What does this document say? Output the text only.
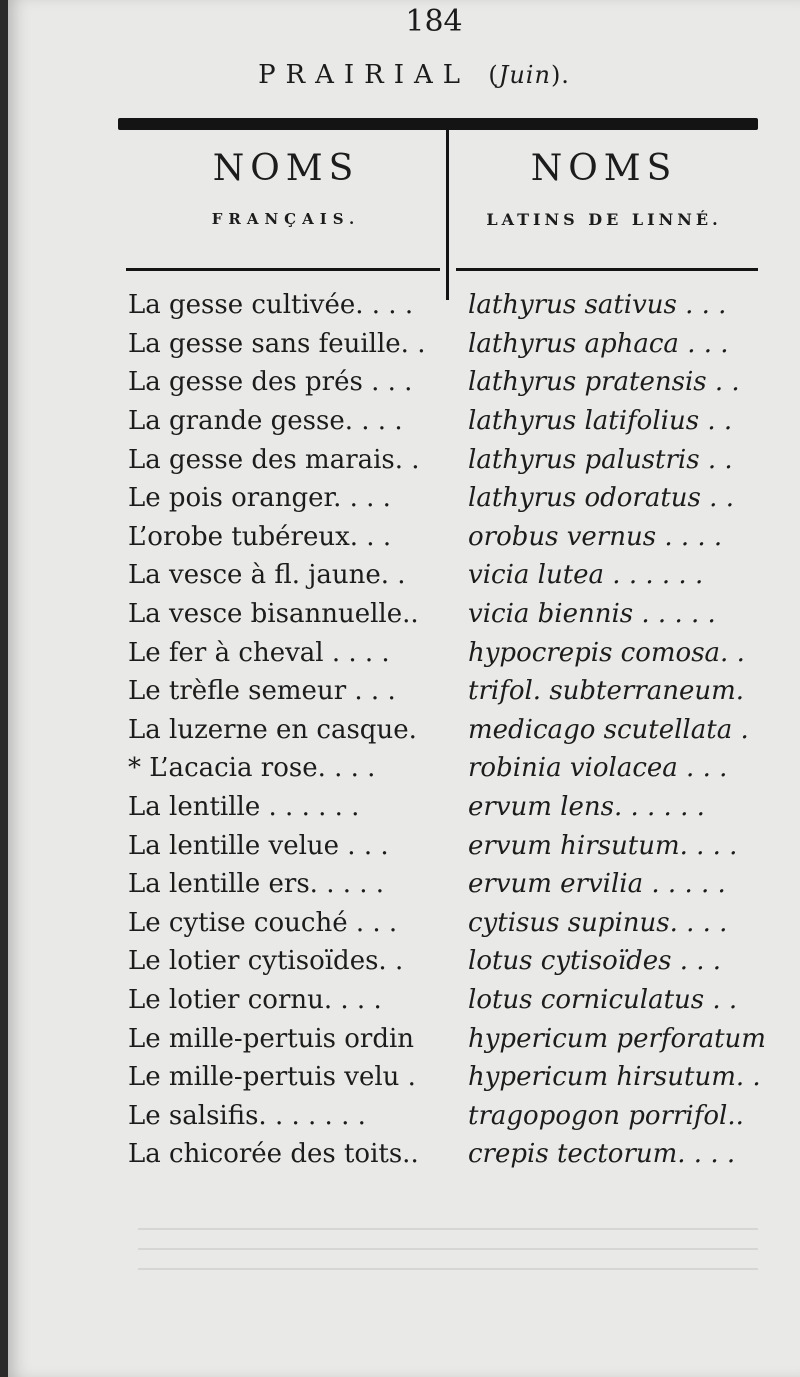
184
PRAIRIAL (Juin).
NOMS
FRANÇAIS.
NOMS
LATINS DE LINNÉ.
La gesse cultivée. . . .	lathyrus sativus . . .
La gesse sans feuille. .	lathyrus aphaca . . .
La gesse des prés . . .	lathyrus pratensis . .
La grande gesse. . . .	lathyrus latifolius . .
La gesse des marais. .	lathyrus palustris . .
Le pois oranger. . . .	lathyrus odoratus . .
L’orobe tubéreux. . .	orobus vernus . . . .
La vesce à fl. jaune. .	vicia lutea . . . . . .
La vesce bisannuelle..	vicia biennis . . . . .
Le fer à cheval . . . .	hypocrepis comosa. .
Le trèfle semeur . . .	trifol. subterraneum.
La luzerne en casque.	medicago scutellata .
* L’acacia rose. . . .	robinia violacea . . .
La lentille . . . . . .	ervum lens. . . . . .
La lentille velue . . .	ervum hirsutum. . . .
La lentille ers. . . . .	ervum ervilia . . . . .
Le cytise couché . . .	cytisus supinus. . . .
Le lotier cytisoïdes. .	lotus cytisoïdes . . .
Le lotier cornu. . . .	lotus corniculatus . .
Le mille-pertuis ordin	hypericum perforatum
Le mille-pertuis velu .	hypericum hirsutum. .
Le salsifis. . . . . . .	tragopogon porrifol..
La chicorée des toits..	crepis tectorum. . . .
